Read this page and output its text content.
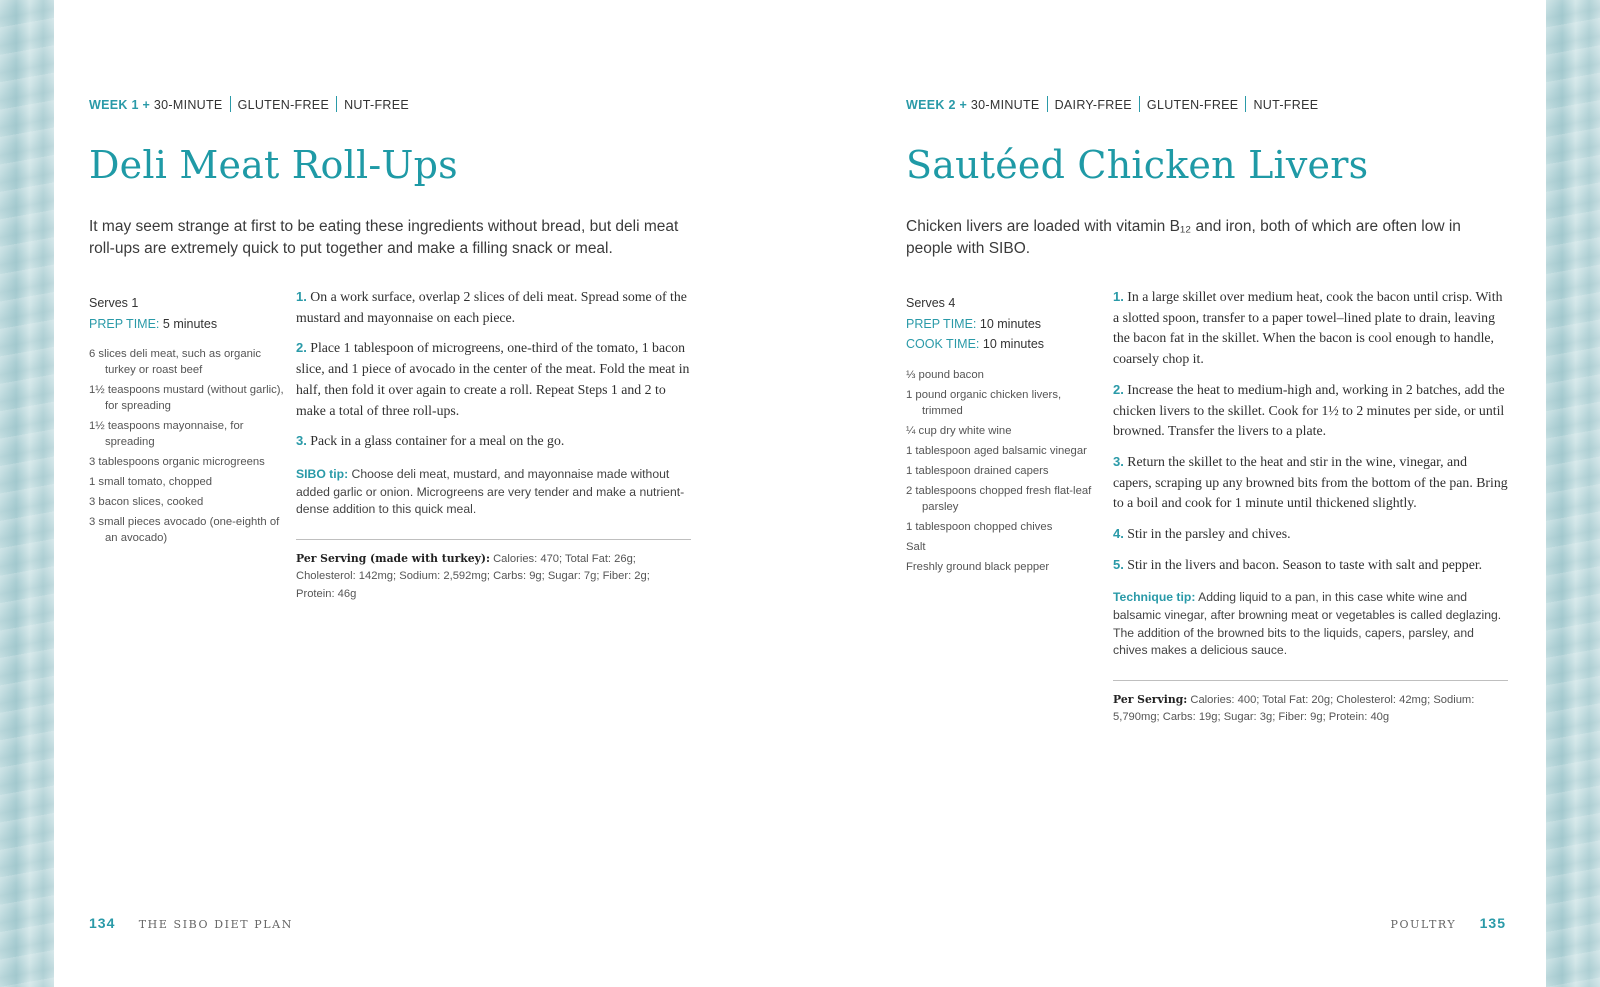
WEEK 1 + 30-MINUTE GLUTEN-FREE NUT-FREE
Deli Meat Roll-Ups

It may seem strange at first to be eating these ingredients without bread, but deli meat roll-ups are extremely quick to put together and make a filling snack or meal.

Serves 1
PREP TIME: 5 minutes
6 slices deli meat, such as organic turkey or roast beef
1½ teaspoons mustard (without garlic), for spreading
1½ teaspoons mayonnaise, for spreading
3 tablespoons organic microgreens
1 small tomato, chopped
3 bacon slices, cooked
3 small pieces avocado (one-eighth of an avocado)

1. On a work surface, overlap 2 slices of deli meat. Spread some of the mustard and mayonnaise on each piece.

2. Place 1 tablespoon of microgreens, one-third of the tomato, 1 bacon slice, and 1 piece of avocado in the center of the meat. Fold the meat in half, then fold it over again to create a roll. Repeat Steps 1 and 2 to make a total of three roll-ups.

3. Pack in a glass container for a meal on the go.

SIBO tip: Choose deli meat, mustard, and mayonnaise made without added garlic or onion. Microgreens are very tender and make a nutrient-dense addition to this quick meal.

Per Serving (made with turkey): Calories: 470; Total Fat: 26g; Cholesterol: 142mg; Sodium: 2,592mg; Carbs: 9g; Sugar: 7g; Fiber: 2g; Protein: 46g

134 THE SIBO DIET PLAN
WEEK 2 + 30-MINUTE DAIRY-FREE GLUTEN-FREE NUT-FREE
Sautéed Chicken Livers

Chicken livers are loaded with vitamin B₁₂ and iron, both of which are often low in people with SIBO.

Serves 4
PREP TIME: 10 minutes
COOK TIME: 10 minutes
⅓ pound bacon
1 pound organic chicken livers, trimmed
¼ cup dry white wine
1 tablespoon aged balsamic vinegar
1 tablespoon drained capers
2 tablespoons chopped fresh flat-leaf parsley
1 tablespoon chopped chives
Salt
Freshly ground black pepper

1. In a large skillet over medium heat, cook the bacon until crisp. With a slotted spoon, transfer to a paper towel–lined plate to drain, leaving the bacon fat in the skillet. When the bacon is cool enough to handle, coarsely chop it.

2. Increase the heat to medium-high and, working in 2 batches, add the chicken livers to the skillet. Cook for 1½ to 2 minutes per side, or until browned. Transfer the livers to a plate.

3. Return the skillet to the heat and stir in the wine, vinegar, and capers, scraping up any browned bits from the bottom of the pan. Bring to a boil and cook for 1 minute until thickened slightly.

4. Stir in the parsley and chives.

5. Stir in the livers and bacon. Season to taste with salt and pepper.

Technique tip: Adding liquid to a pan, in this case white wine and balsamic vinegar, after browning meat or vegetables is called deglazing. The addition of the browned bits to the liquids, capers, parsley, and chives makes a delicious sauce.

Per Serving: Calories: 400; Total Fat: 20g; Cholesterol: 42mg; Sodium: 5,790mg; Carbs: 19g; Sugar: 3g; Fiber: 9g; Protein: 40g

POULTRY 135
